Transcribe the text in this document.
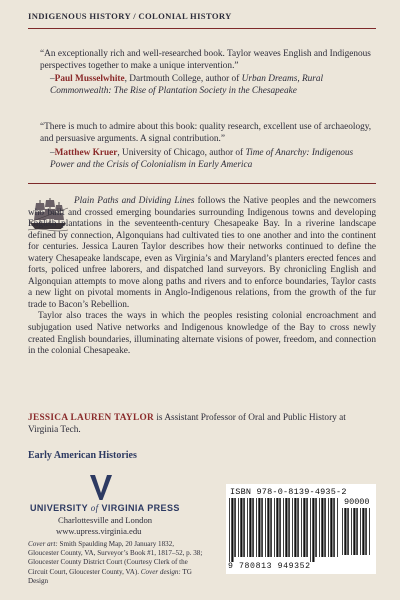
INDIGENOUS HISTORY / COLONIAL HISTORY
“An exceptionally rich and well-researched book. Taylor weaves English and Indigenous perspectives together to make a unique intervention.”
–Paul Musselwhite, Dartmouth College, author of Urban Dreams, Rural Commonwealth: The Rise of Plantation Society in the Chesapeake
“There is much to admire about this book: quality research, excellent use of archaeology, and persuasive arguments. A signal contribution.”
–Matthew Kruer, University of Chicago, author of Time of Anarchy: Indigenous Power and the Crisis of Colonialism in Early America

Plain Paths and Dividing Lines follows the Native peoples and the newcomers who built and crossed emerging boundaries surrounding Indigenous towns and developing English plantations in the seventeenth-century Chesapeake Bay. In a riverine landscape defined by connection, Algonquians had cultivated ties to one another and into the continent for centuries. Jessica Lauren Taylor describes how their networks continued to define the watery Chesapeake landscape, even as Virginia’s and Maryland’s planters erected fences and forts, policed unfree laborers, and dispatched land surveyors. By chronicling English and Algonquian attempts to move along paths and rivers and to enforce boundaries, Taylor casts a new light on pivotal moments in Anglo-Indigenous relations, from the growth of the fur trade to Bacon’s Rebellion.

Taylor also traces the ways in which the peoples resisting colonial encroachment and subjugation used Native networks and Indigenous knowledge of the Bay to cross newly created English boundaries, illuminating alternate visions of power, freedom, and connection in the colonial Chesapeake.

JESSICA LAUREN TAYLOR is Assistant Professor of Oral and Public History at Virginia Tech.
Early American Histories
UNIVERSITY of VIRGINIA PRESS
Charlottesville and London
www.upress.virginia.edu
Cover art: Smith Spaulding Map, 20 January 1832, Gloucester County, VA, Surveyor’s Book #1, 1817–52, p. 38; Gloucester County District Court (Courtesy Clerk of the Circuit Court, Gloucester County, VA). Cover design: TG Design
ISBN 978-0-8139-4935-2
90000
9 780813 949352
